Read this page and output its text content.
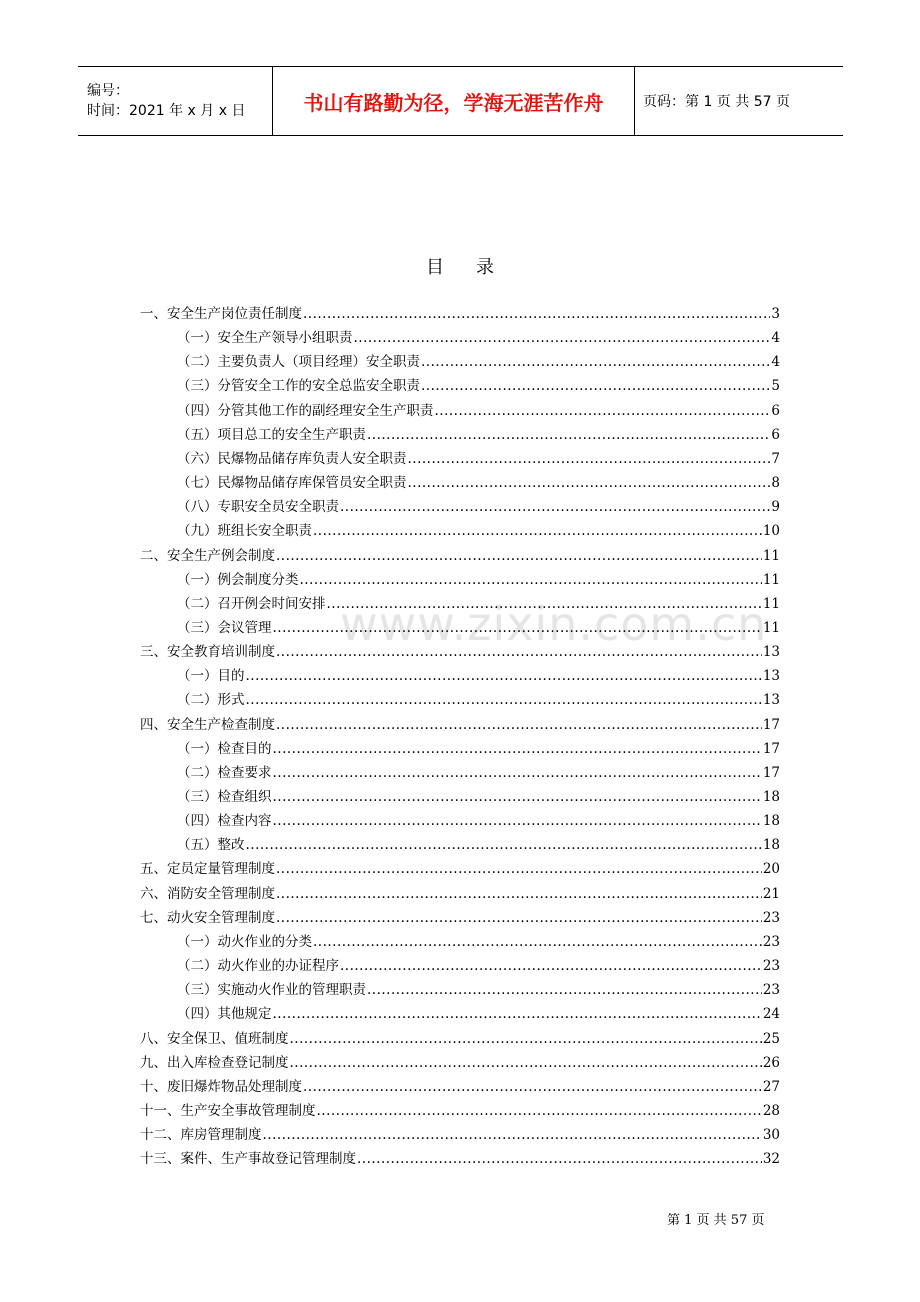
编号：
时间：2021 年 x 月 x 日	书山有路勤为径，学海无涯苦作舟	页码：第 1 页 共 57 页
目 录
www.zixin.com.cn
一、安全生产岗位责任制度 .....	3
（一）安全生产领导小组职责 .....	4
（二）主要负责人（项目经理）安全职责 .....	4
（三）分管安全工作的安全总监安全职责 .....	5
（四）分管其他工作的副经理安全生产职责 .....	6
（五）项目总工的安全生产职责 .....	6
（六）民爆物品储存库负责人安全职责 .....	7
（七）民爆物品储存库保管员安全职责 .....	8
（八）专职安全员安全职责 .....	9
（九）班组长安全职责 .....	10
二、安全生产例会制度 .....	11
（一）例会制度分类 .....	11
（二）召开例会时间安排 .....	11
（三）会议管理 .....	11
三、安全教育培训制度 .....	13
（一）目的 .....	13
（二）形式 .....	13
四、安全生产检查制度 .....	17
（一）检查目的 .....	17
（二）检查要求 .....	17
（三）检查组织 .....	18
（四）检查内容 .....	18
（五）整改 .....	18
五、定员定量管理制度 .....	20
六、消防安全管理制度 .....	21
七、动火安全管理制度 .....	23
（一）动火作业的分类 .....	23
（二）动火作业的办证程序 .....	23
（三）实施动火作业的管理职责 .....	23
（四）其他规定 .....	24
八、安全保卫、值班制度 .....	25
九、出入库检查登记制度 .....	26
十、废旧爆炸物品处理制度 .....	27
十一、生产安全事故管理制度 .....	28
十二、库房管理制度 .....	30
十三、案件、生产事故登记管理制度 .....	32
第 1 页 共 57 页
